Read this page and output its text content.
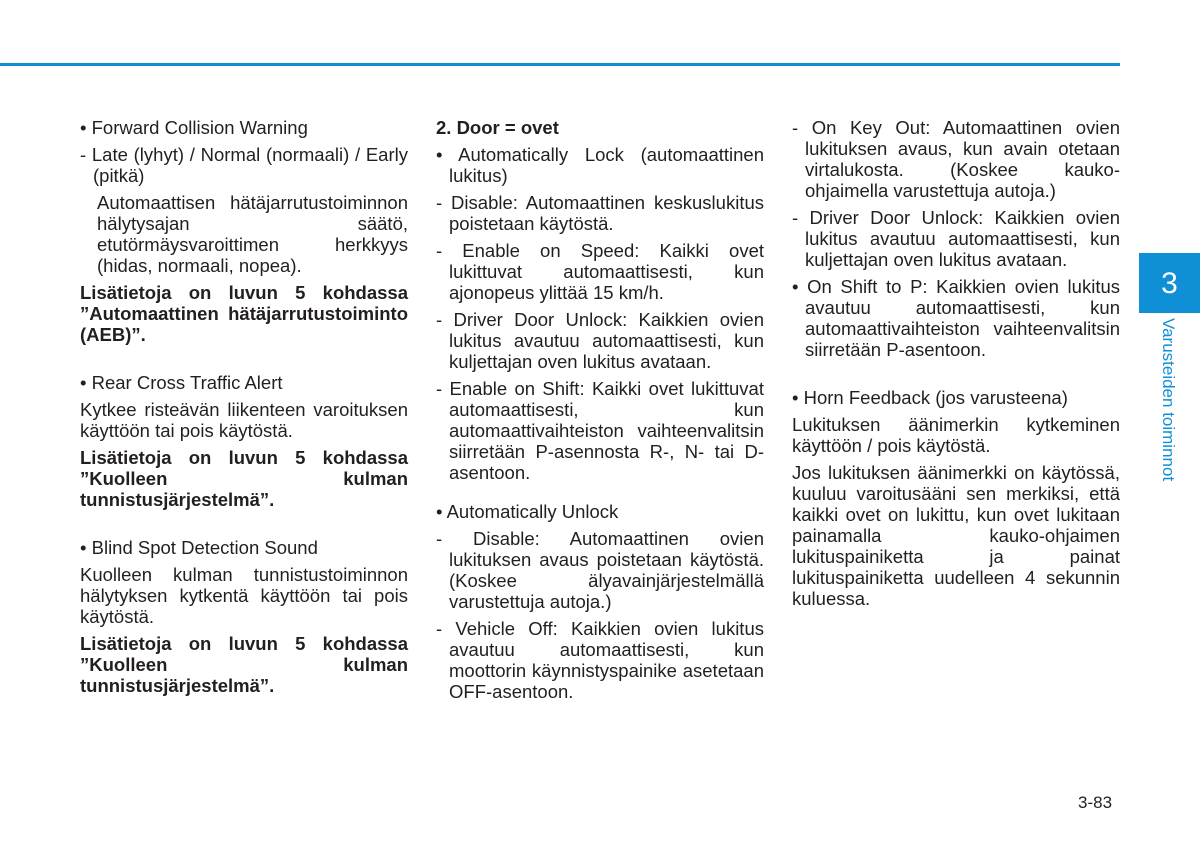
• Forward Collision Warning

- Late (lyhyt) / Normal (normaali) / Early (pitkä)

Automaattisen hätäjarrutustoiminnon hälytysajan säätö, etutörmäysvaroittimen herkkyys (hidas, normaali, nopea).

Lisätietoja on luvun 5 kohdassa ”Automaattinen hätäjarrutustoiminto (AEB)”.

• Rear Cross Traffic Alert

Kytkee risteävän liikenteen varoituksen käyttöön tai pois käytöstä.

Lisätietoja on luvun 5 kohdassa ”Kuolleen kulman tunnistusjärjestelmä”.

• Blind Spot Detection Sound

Kuolleen kulman tunnistustoiminnon hälytyksen kytkentä käyttöön tai pois käytöstä.

Lisätietoja on luvun 5 kohdassa ”Kuolleen kulman tunnistusjärjestelmä”.

2. Door = ovet

• Automatically Lock (automaattinen lukitus)

- Disable: Automaattinen keskuslukitus poistetaan käytöstä.

- Enable on Speed: Kaikki ovet lukittuvat automaattisesti, kun ajonopeus ylittää 15 km/h.

- Driver Door Unlock: Kaikkien ovien lukitus avautuu automaattisesti, kun kuljettajan oven lukitus avataan.

- Enable on Shift: Kaikki ovet lukittuvat automaattisesti, kun automaattivaihteiston vaihteenvalitsin siirretään P-asennosta R-, N- tai D-asentoon.

• Automatically Unlock

- Disable: Automaattinen ovien lukituksen avaus poistetaan käytöstä. (Koskee älyavainjärjestelmällä varustettuja autoja.)

- Vehicle Off: Kaikkien ovien lukitus avautuu automaattisesti, kun moottorin käynnistyspainike asetetaan OFF-asentoon.

- On Key Out: Automaattinen ovien lukituksen avaus, kun avain otetaan virtalukosta. (Koskee kauko-ohjaimella varustettuja autoja.)

- Driver Door Unlock: Kaikkien ovien lukitus avautuu automaattisesti, kun kuljettajan oven lukitus avataan.

• On Shift to P: Kaikkien ovien lukitus avautuu automaattisesti, kun automaattivaihteiston vaihteenvalitsin siirretään P-asentoon.

• Horn Feedback (jos varusteena)

Lukituksen äänimerkin kytkeminen käyttöön / pois käytöstä.

Jos lukituksen äänimerkki on käytössä, kuuluu varoitusääni sen merkiksi, että kaikki ovet on lukittu, kun ovet lukitaan painamalla kauko-ohjaimen lukituspainiketta ja painat lukituspainiketta uudelleen 4 sekunnin kuluessa.

3
Varusteiden toiminnot
3-83
